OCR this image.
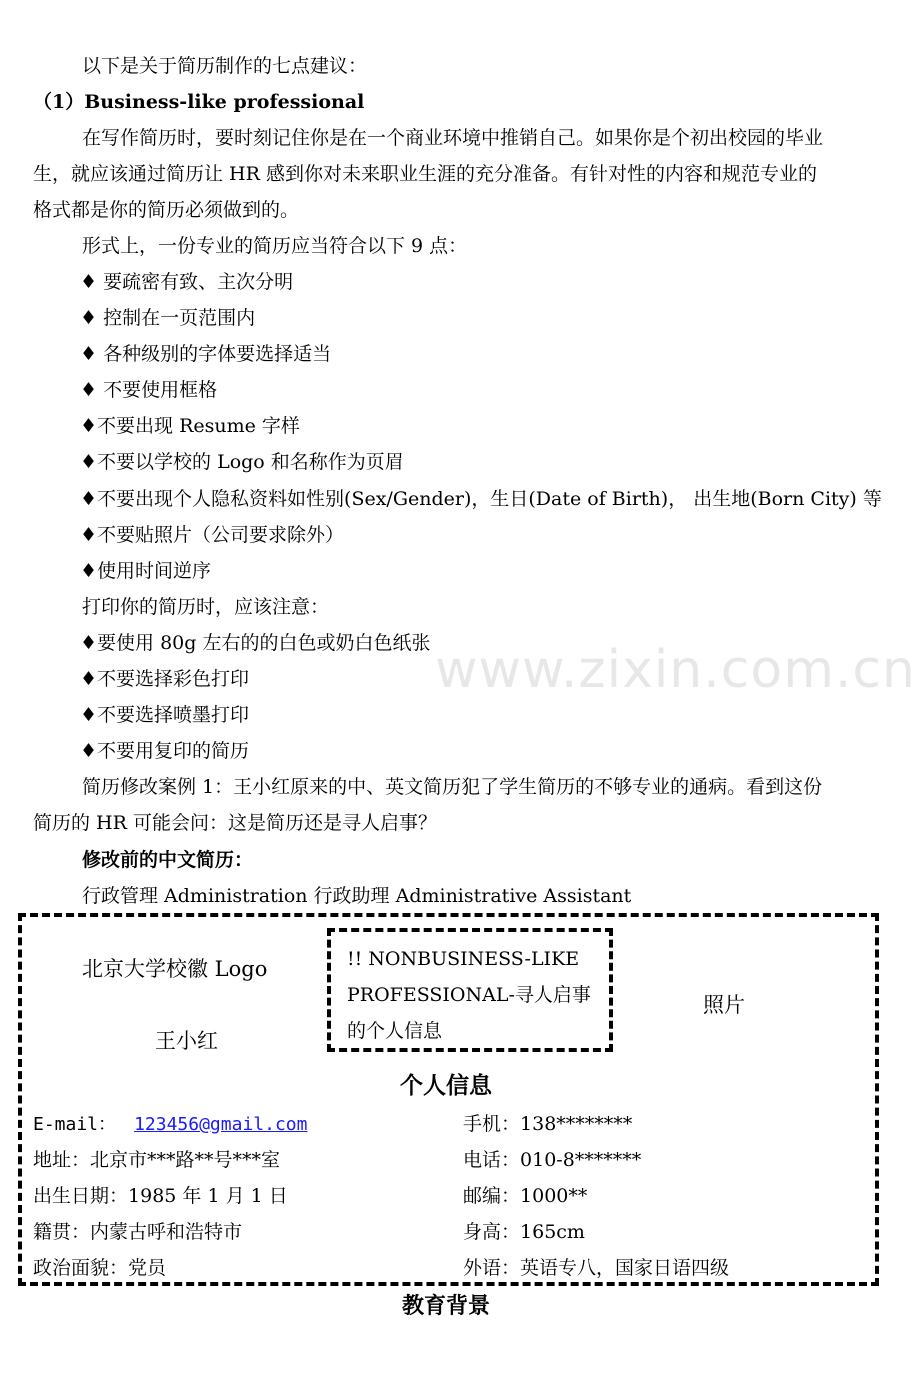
以下是关于简历制作的七点建议：
（1）Business-like professional
在写作简历时，要时刻记住你是在一个商业环境中推销自己。如果你是个初出校园的毕业
生，就应该通过简历让 HR 感到你对未来职业生涯的充分准备。有针对性的内容和规范专业的
格式都是你的简历必须做到的。
形式上，一份专业的简历应当符合以下 9 点：
♦ 要疏密有致、主次分明
♦ 控制在一页范围内
♦ 各种级别的字体要选择适当
♦ 不要使用框格
♦不要出现 Resume 字样
♦不要以学校的 Logo 和名称作为页眉
♦不要出现个人隐私资料如性别(Sex/Gender)，生日(Date of Birth)， 出生地(Born City) 等
♦不要贴照片（公司要求除外）
♦使用时间逆序
打印你的简历时，应该注意：
♦要使用 80g 左右的的白色或奶白色纸张
♦不要选择彩色打印
♦不要选择喷墨打印
♦不要用复印的简历
简历修改案例 1：王小红原来的中、英文简历犯了学生简历的不够专业的通病。看到这份
简历的 HR 可能会问：这是简历还是寻人启事？
修改前的中文简历：
行政管理 Administration 行政助理 Administrative Assistant
www.zixin.com.cn
北京大学校徽 Logo
王小红
!! NONBUSINESS-LIKE
PROFESSIONAL-寻人启事
的个人信息
照片
个人信息
E-mail： 123456@gmail.com
地址：北京市***路**号***室
出生日期：1985 年 1 月 1 日
籍贯：内蒙古呼和浩特市
政治面貌：党员
手机：138********
电话：010-8*******
邮编：1000**
身高：165cm
外语：英语专八，国家日语四级
教育背景
